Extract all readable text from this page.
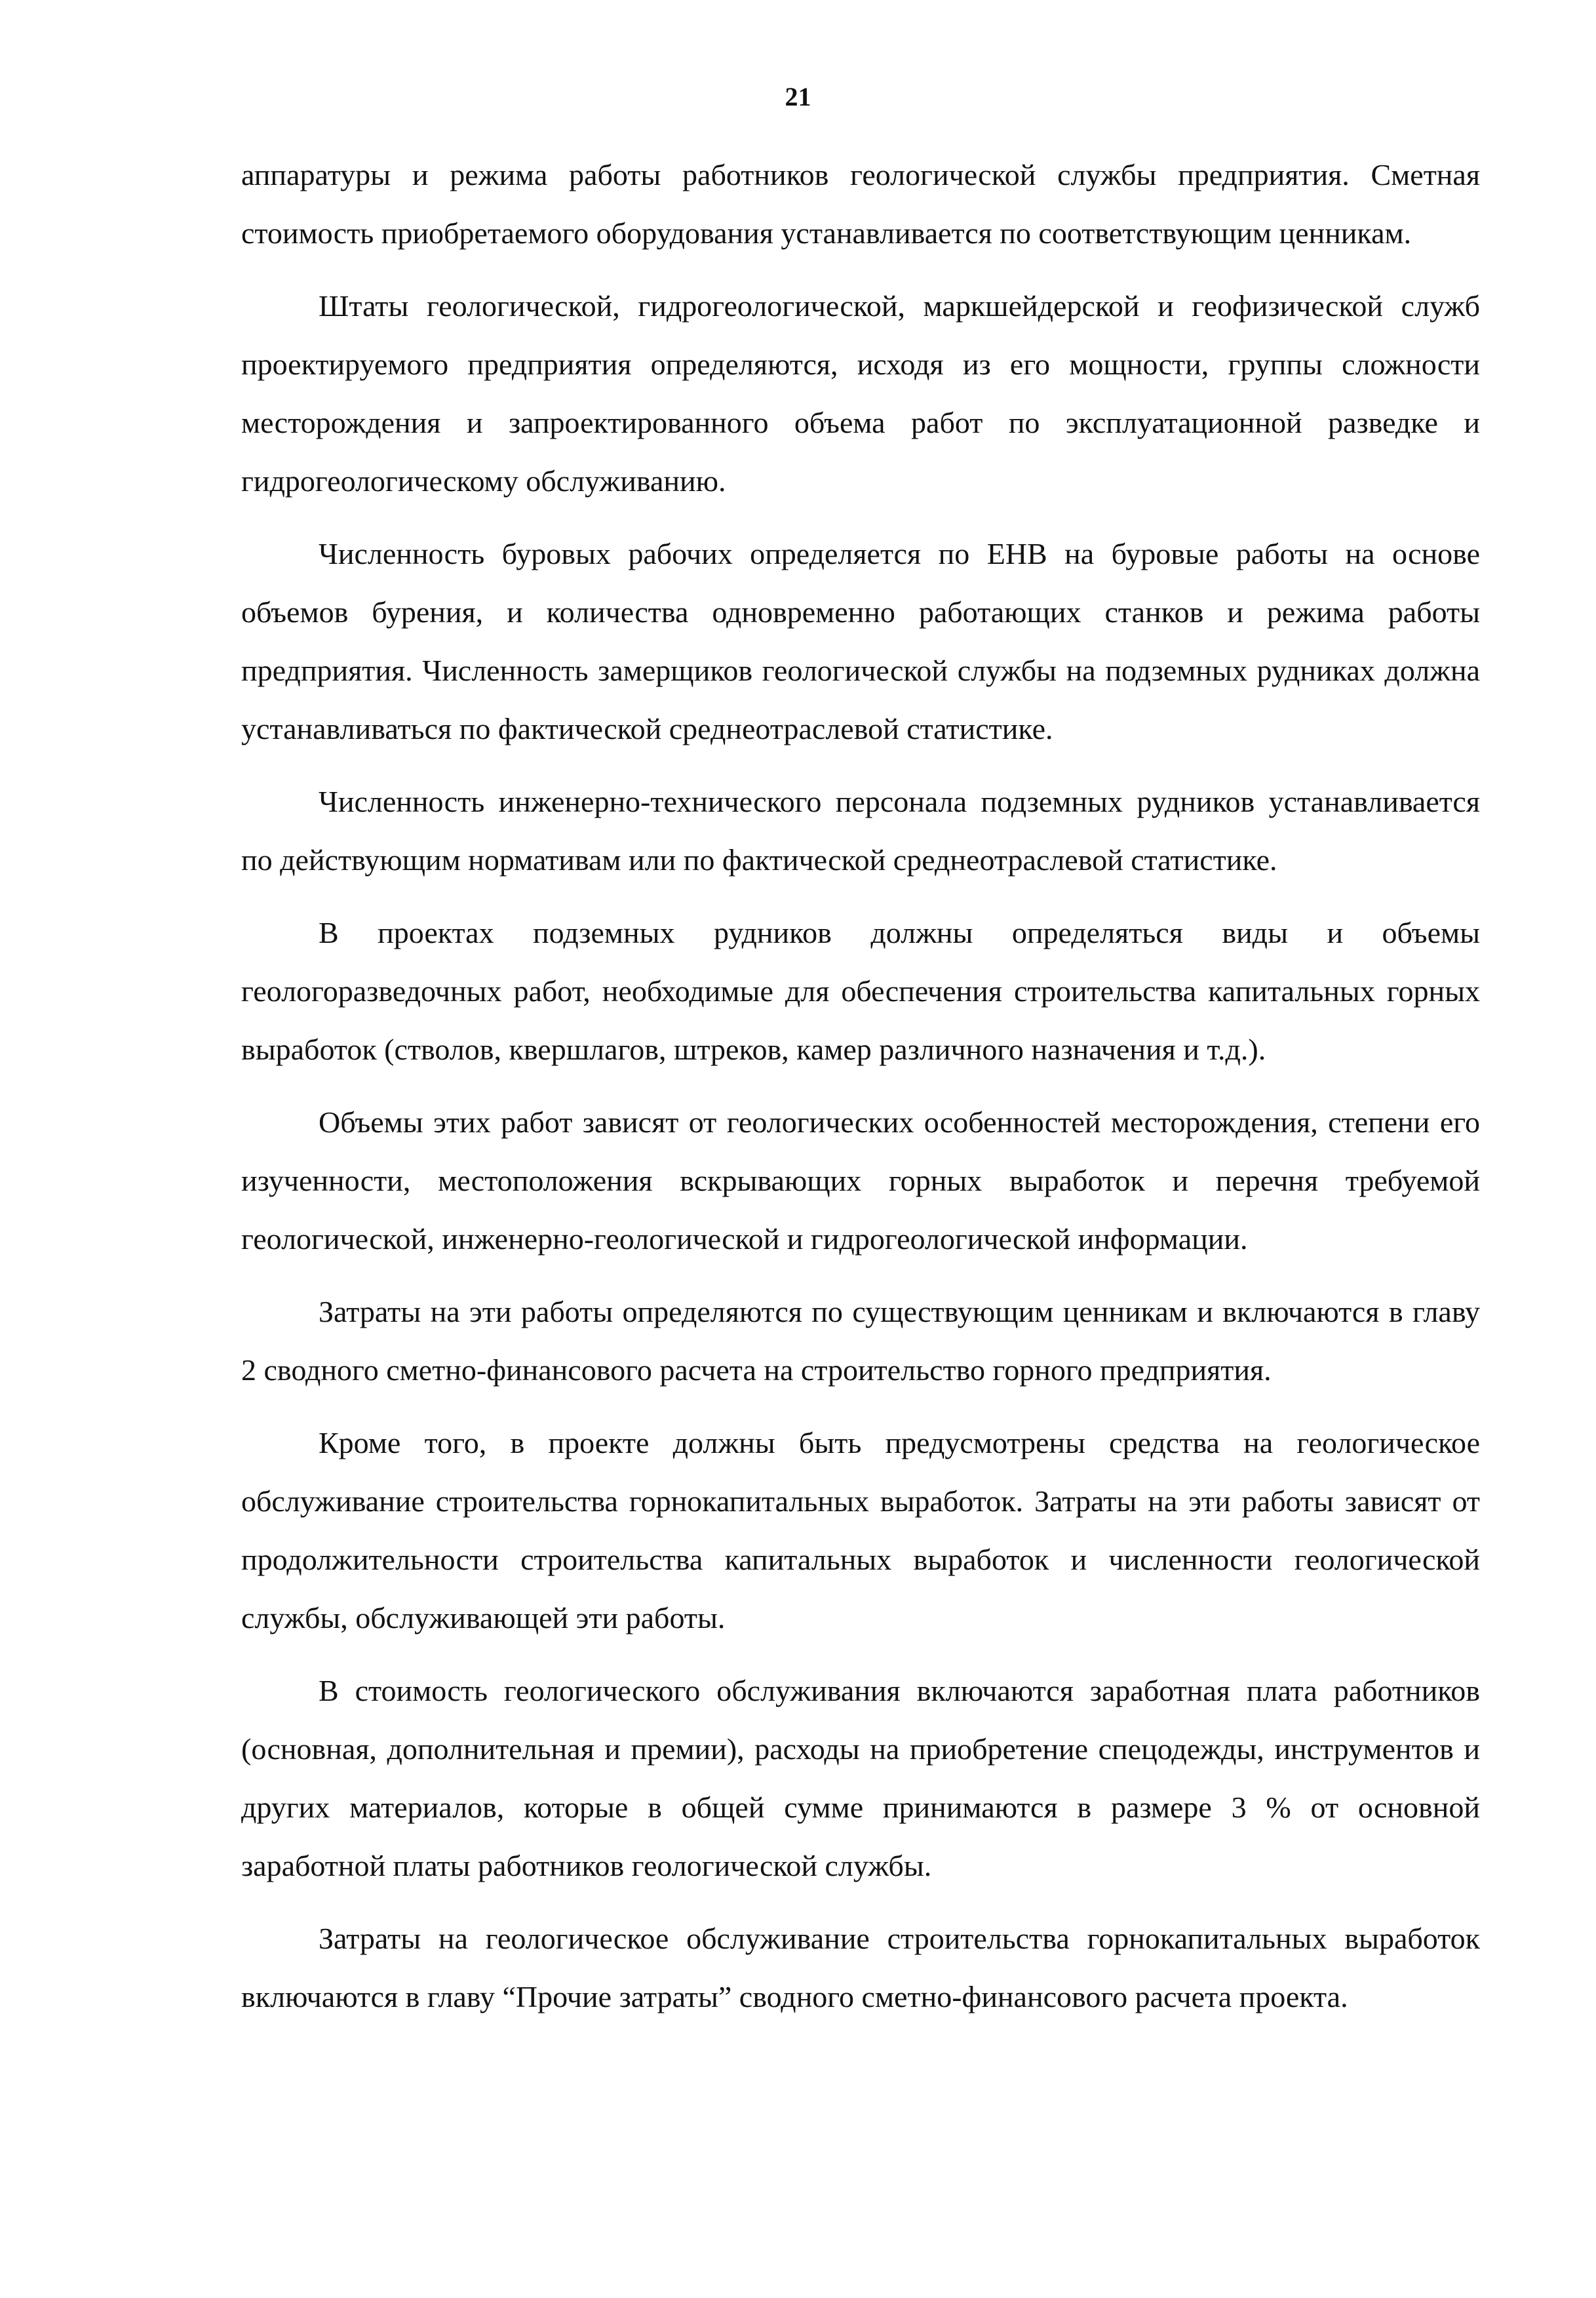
21

аппаратуры и режима работы работников геологической службы предприятия. Сметная стоимость приобретаемого оборудования устанавливается по соответствующим ценникам.

Штаты геологической, гидрогеологической, маркшейдерской и геофизической служб проектируемого предприятия определяются, исходя из его мощности, группы сложности месторождения и запроектированного объема работ по эксплуатационной разведке и гидрогеологическому обслуживанию.

Численность буровых рабочих определяется по ЕНВ на буровые работы на основе объемов бурения, и количества одновременно работающих станков и режима работы предприятия. Численность замерщиков геологической службы на подземных рудниках должна устанавливаться по фактической среднеотраслевой статистике.

Численность инженерно-технического персонала подземных рудников устанавливается по действующим нормативам или по фактической среднеотраслевой статистике.

В проектах подземных рудников должны определяться виды и объемы геологоразведочных работ, необходимые для обеспечения строительства капитальных горных выработок (стволов, квершлагов, штреков, камер различного назначения и т.д.).

Объемы этих работ зависят от геологических особенностей месторождения, степени его изученности, местоположения вскрывающих горных выработок и перечня требуемой геологической, инженерно-геологической и гидрогеологической информации.

Затраты на эти работы определяются по существующим ценникам и включаются в главу 2 сводного сметно-финансового расчета на строительство горного предприятия.

Кроме того, в проекте должны быть предусмотрены средства на геологическое обслуживание строительства горнокапитальных выработок. Затраты на эти работы зависят от продолжительности строительства капитальных выработок и численности геологической службы, обслуживающей эти работы.

В стоимость геологического обслуживания включаются заработная плата работников (основная, дополнительная и премии), расходы на приобретение спецодежды, инструментов и других материалов, которые в общей сумме принимаются в размере 3 % от основной заработной платы работников геологической службы.

Затраты на геологическое обслуживание строительства горнокапитальных выработок включаются в главу “Прочие затраты” сводного сметно-финансового расчета проекта.
